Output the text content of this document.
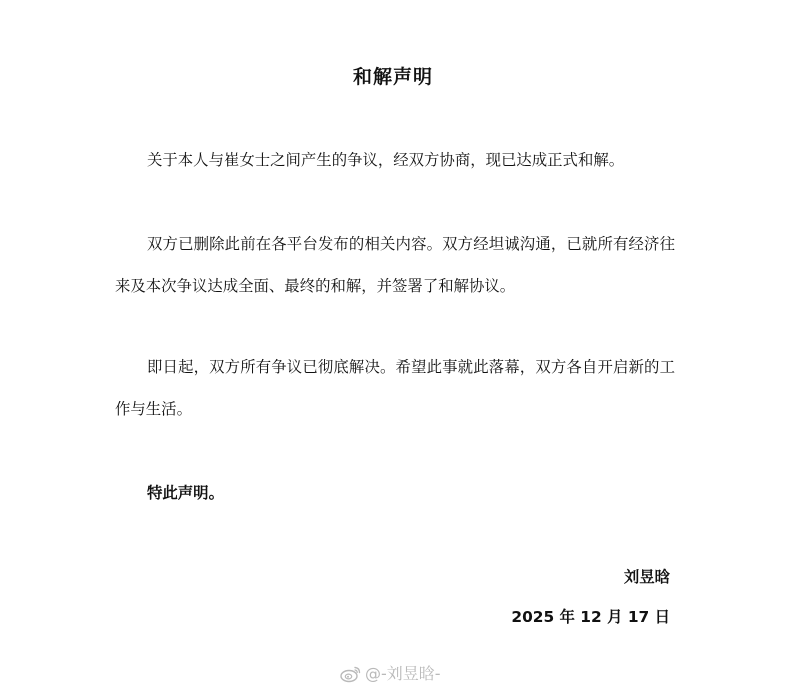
和解声明

关于本人与崔女士之间产生的争议，经双方协商，现已达成正式和解。

双方已删除此前在各平台发布的相关内容。双方经坦诚沟通，已就所有经济往来及本次争议达成全面、最终的和解，并签署了和解协议。

即日起，双方所有争议已彻底解决。希望此事就此落幕，双方各自开启新的工作与生活。

特此声明。

刘昱晗
2025 年 12 月 17 日
@-刘昱晗-
